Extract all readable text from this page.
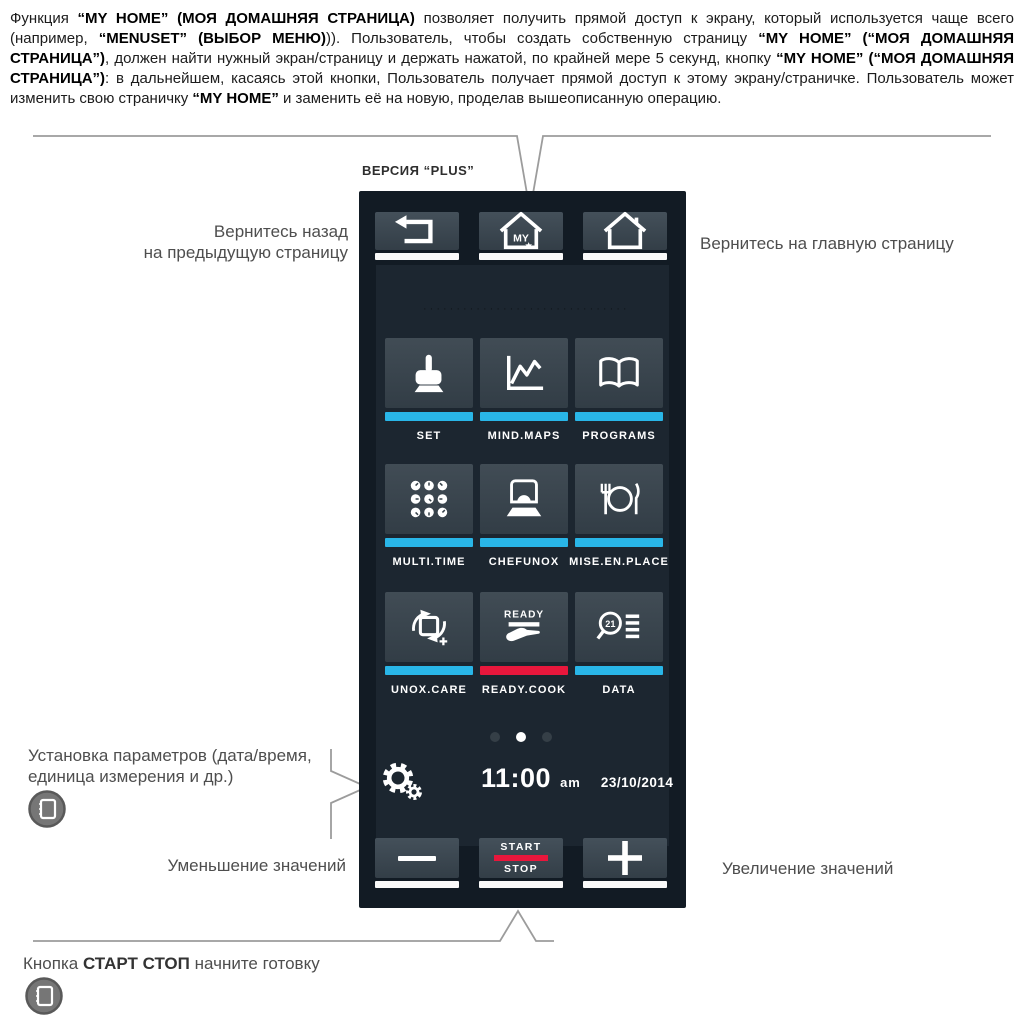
Функция “MY HOME” (МОЯ ДОМАШНЯЯ СТРАНИЦА) позволяет получить прямой доступ к экрану, который используется чаще всего (например, “MENUSET” (ВЫБОР МЕНЮ))). Пользователь, чтобы создать собственную страницу “MY HOME” (“МОЯ ДОМАШНЯЯ СТРАНИЦА”), должен найти нужный экран/страницу и держать нажатой, по крайней мере 5 секунд, кнопку “MY HOME” (“МОЯ ДОМАШНЯЯ СТРАНИЦА”): в дальнейшем, касаясь этой кнопки, Пользователь получает прямой доступ к этому экрану/страничке. Пользователь может изменить свою страничку “MY HOME” и заменить её на новую, проделав вышеописанную операцию.

ВЕРСИЯ “PLUS”
·······························
MY
SET	MIND.MAPS PROGRAMS
MULTI.TIME CHEFUNOX MISE.EN.PLACE
UNOX.CARE
READY
READY.COOK
21
DATA
11:00 am 23/10/2014
START
STOP
Вернитесь назад
на предыдущую страницу	Вернитесь на главную страницу
Установка параметров (дата/время,
единица измерения и др.)
Уменьшение значений	Увеличение значений
Кнопка СТАРТ СТОП начните готовку
